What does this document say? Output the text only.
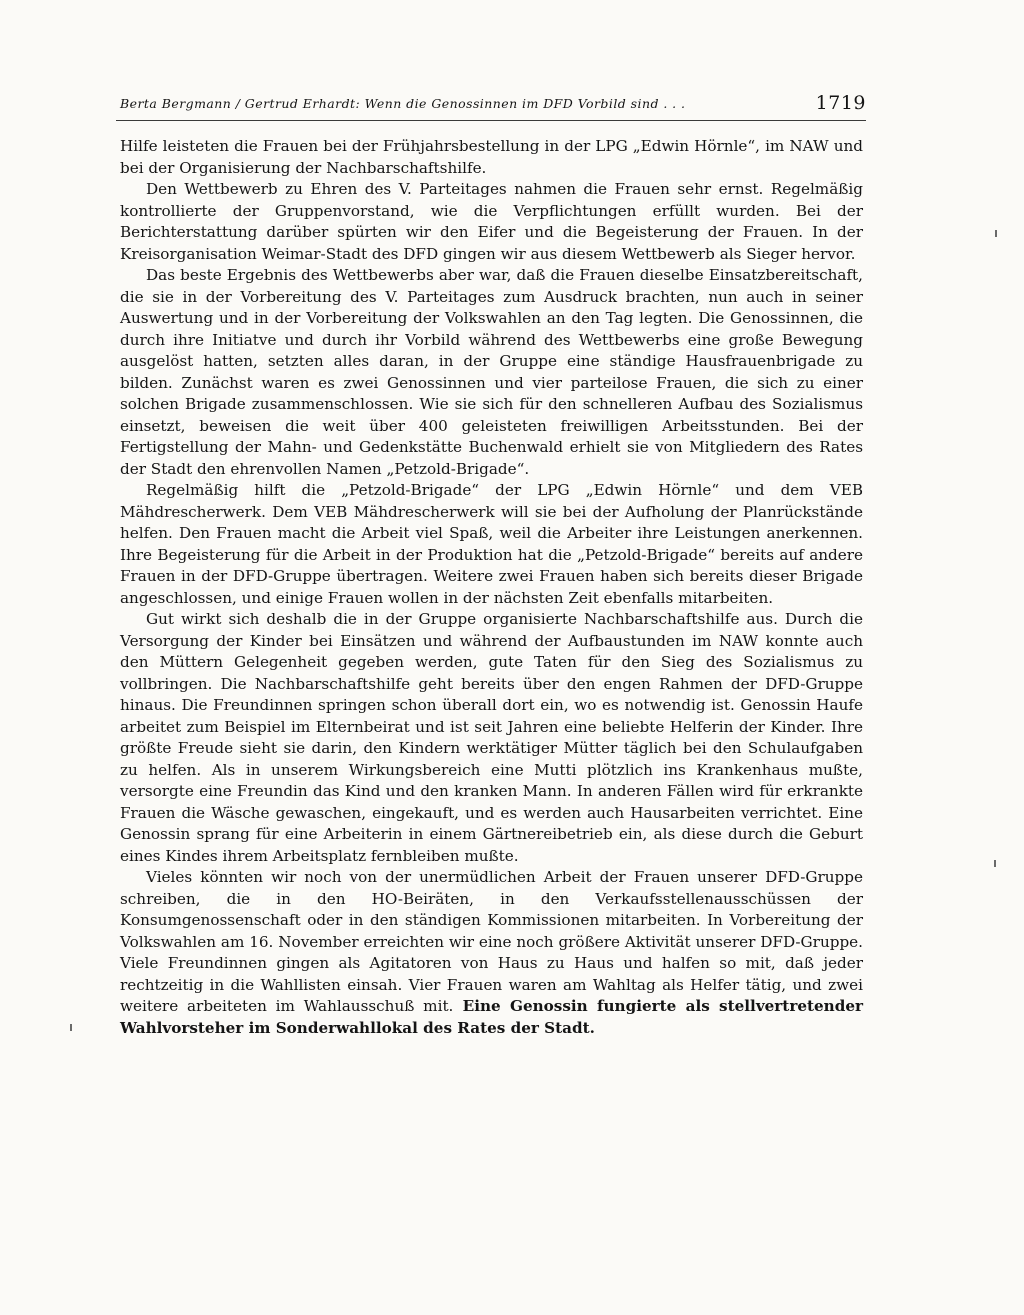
Berta Bergmann / Gertrud Erhardt: Wenn die Genossinnen im DFD Vorbild sind . . .	1719

Hilfe leisteten die Frauen bei der Frühjahrsbestellung in der LPG „Edwin Hörnle“, im NAW und bei der Organisierung der Nachbarschaftshilfe.

Den Wettbewerb zu Ehren des V. Parteitages nahmen die Frauen sehr ernst. Regelmäßig kontrollierte der Gruppenvorstand, wie die Verpflichtungen erfüllt wurden. Bei der Berichterstattung darüber spürten wir den Eifer und die Begeisterung der Frauen. In der Kreisorganisation Weimar-Stadt des DFD gingen wir aus diesem Wettbewerb als Sieger hervor.

Das beste Ergebnis des Wettbewerbs aber war, daß die Frauen dieselbe Einsatzbereitschaft, die sie in der Vorbereitung des V. Parteitages zum Ausdruck brachten, nun auch in seiner Auswertung und in der Vorbereitung der Volkswahlen an den Tag legten. Die Genossinnen, die durch ihre Initiatve und durch ihr Vorbild während des Wettbewerbs eine große Bewegung ausgelöst hatten, setzten alles daran, in der Gruppe eine ständige Hausfrauenbrigade zu bilden. Zunächst waren es zwei Genossinnen und vier parteilose Frauen, die sich zu einer solchen Brigade zusammenschlossen. Wie sie sich für den schnelleren Aufbau des Sozialismus einsetzt, beweisen die weit über 400 geleisteten freiwilligen Arbeitsstunden. Bei der Fertigstellung der Mahn- und Gedenkstätte Buchenwald erhielt sie von Mitgliedern des Rates der Stadt den ehrenvollen Namen „Petzold-Brigade“.

Regelmäßig hilft die „Petzold-Brigade“ der LPG „Edwin Hörnle“ und dem VEB Mähdrescherwerk. Dem VEB Mähdrescherwerk will sie bei der Aufholung der Planrückstände helfen. Den Frauen macht die Arbeit viel Spaß, weil die Arbeiter ihre Leistungen anerkennen. Ihre Begeisterung für die Arbeit in der Produktion hat die „Petzold-Brigade“ bereits auf andere Frauen in der DFD-Gruppe übertragen. Weitere zwei Frauen haben sich bereits dieser Brigade angeschlossen, und einige Frauen wollen in der nächsten Zeit ebenfalls mitarbeiten.

Gut wirkt sich deshalb die in der Gruppe organisierte Nachbarschaftshilfe aus. Durch die Versorgung der Kinder bei Einsätzen und während der Aufbaustunden im NAW konnte auch den Müttern Gelegenheit gegeben werden, gute Taten für den Sieg des Sozialismus zu vollbringen. Die Nachbarschaftshilfe geht bereits über den engen Rahmen der DFD-Gruppe hinaus. Die Freundinnen springen schon überall dort ein, wo es notwendig ist. Genossin Haufe arbeitet zum Beispiel im Elternbeirat und ist seit Jahren eine beliebte Helferin der Kinder. Ihre größte Freude sieht sie darin, den Kindern werktätiger Mütter täglich bei den Schulaufgaben zu helfen. Als in unserem Wirkungsbereich eine Mutti plötzlich ins Krankenhaus mußte, versorgte eine Freundin das Kind und den kranken Mann. In anderen Fällen wird für erkrankte Frauen die Wäsche gewaschen, eingekauft, und es werden auch Hausarbeiten verrichtet. Eine Genossin sprang für eine Arbeiterin in einem Gärtnereibetrieb ein, als diese durch die Geburt eines Kindes ihrem Arbeitsplatz fernbleiben mußte.

Vieles könnten wir noch von der unermüdlichen Arbeit der Frauen unserer DFD-Gruppe schreiben, die in den HO-Beiräten, in den Verkaufsstellenausschüssen der Konsumgenossenschaft oder in den ständigen Kommissionen mitarbeiten. In Vorbereitung der Volkswahlen am 16. November erreichten wir eine noch größere Aktivität unserer DFD-Gruppe. Viele Freundinnen gingen als Agitatoren von Haus zu Haus und halfen so mit, daß jeder rechtzeitig in die Wahllisten einsah. Vier Frauen waren am Wahltag als Helfer tätig, und zwei weitere arbeiteten im Wahlausschuß mit. Eine Genossin fungierte als stellvertretender Wahlvorsteher im Sonderwahllokal des Rates der Stadt.
